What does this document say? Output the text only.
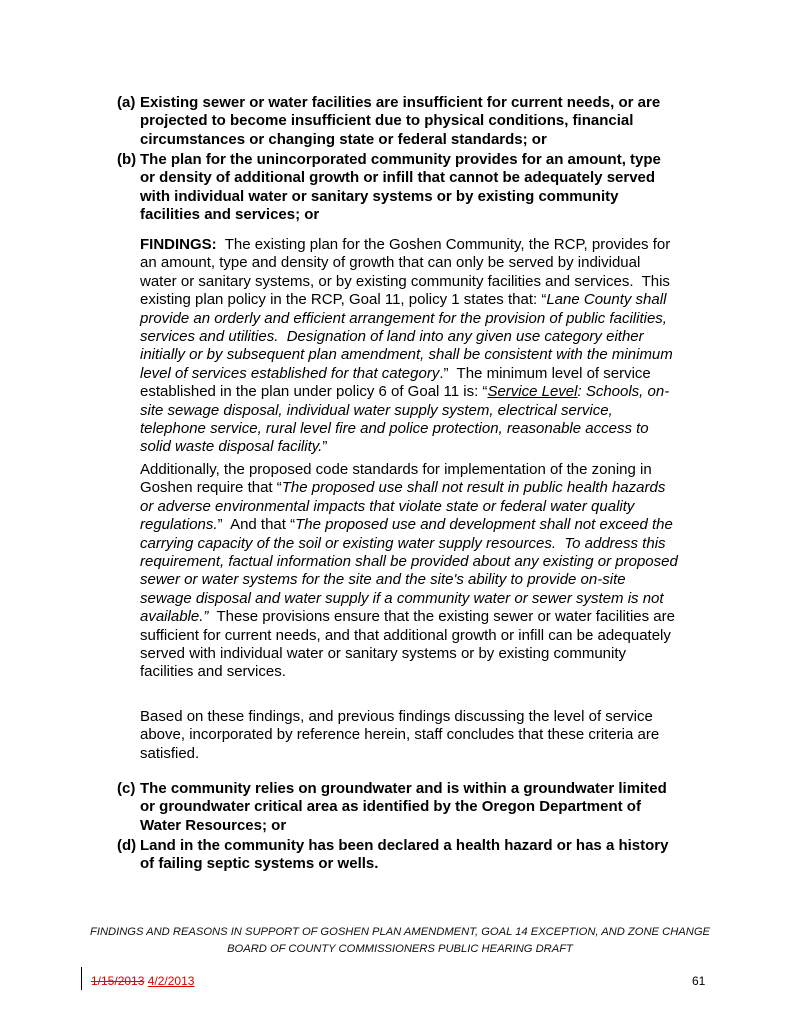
(a) Existing sewer or water facilities are insufficient for current needs, or are
projected to become insufficient due to physical conditions, financial
circumstances or changing state or federal standards; or
(b) The plan for the unincorporated community provides for an amount, type
or density of additional growth or infill that cannot be adequately served
with individual water or sanitary systems or by existing community
facilities and services; or
FINDINGS:  The existing plan for the Goshen Community, the RCP, provides for
an amount, type and density of growth that can only be served by individual
water or sanitary systems, or by existing community facilities and services.  This
existing plan policy in the RCP, Goal 11, policy 1 states that: “Lane County shall
provide an orderly and efficient arrangement for the provision of public facilities,
services and utilities.  Designation of land into any given use category either
initially or by subsequent plan amendment, shall be consistent with the minimum
level of services established for that category.”  The minimum level of service
established in the plan under policy 6 of Goal 11 is: “Service Level: Schools, on-
site sewage disposal, individual water supply system, electrical service,
telephone service, rural level fire and police protection, reasonable access to
solid waste disposal facility.”
Additionally, the proposed code standards for implementation of the zoning in
Goshen require that “The proposed use shall not result in public health hazards
or adverse environmental impacts that violate state or federal water quality
regulations.”  And that “The proposed use and development shall not exceed the
carrying capacity of the soil or existing water supply resources.  To address this
requirement, factual information shall be provided about any existing or proposed
sewer or water systems for the site and the site's ability to provide on-site
sewage disposal and water supply if a community water or sewer system is not
available.”  These provisions ensure that the existing sewer or water facilities are
sufficient for current needs, and that additional growth or infill can be adequately
served with individual water or sanitary systems or by existing community
facilities and services.
Based on these findings, and previous findings discussing the level of service
above, incorporated by reference herein, staff concludes that these criteria are
satisfied.
(c) The community relies on groundwater and is within a groundwater limited
or groundwater critical area as identified by the Oregon Department of
Water Resources; or
(d) Land in the community has been declared a health hazard or has a history
of failing septic systems or wells.
FINDINGS AND REASONS IN SUPPORT OF GOSHEN PLAN AMENDMENT, GOAL 14 EXCEPTION, AND ZONE CHANGE
BOARD OF COUNTY COMMISSIONERS PUBLIC HEARING DRAFT
1/15/2013 4/2/2013	61
